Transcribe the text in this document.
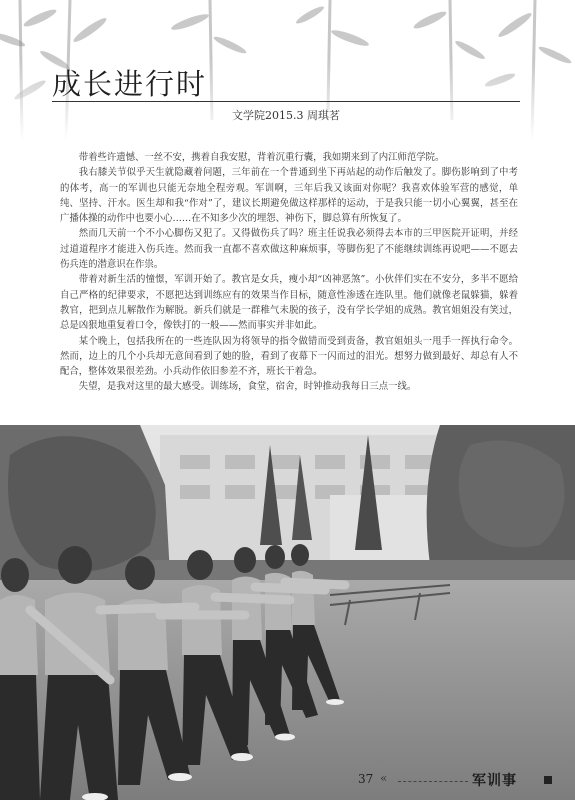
成长进行时
文学院2015.3 周琪茗

带着些许遗憾、一丝不安，携着自我安慰，背着沉重行囊，我如期来到了内江师范学院。

我右膝关节似乎天生就隐藏着问题，三年前在一个普通到坐下再站起的动作后触发了。脚伤影响到了中考的体考，高一的军训也只能无奈地全程旁观。军训啊，三年后我又该面对你呢？我喜欢体验军营的感觉，单纯、坚持、汗水。医生却和我“作对”了，建议长期避免做这样那样的运动，于是我只能一切小心翼翼，甚至在广播体操的动作中也要小心……在不知多少次的埋怨、神伤下，脚总算有所恢复了。

然而几天前一个不小心脚伤又犯了。又得做伤兵了吗？班主任说我必须得去本市的三甲医院开证明，并经过道道程序才能进入伤兵连。然而我一直都不喜欢做这种麻烦事，等脚伤犯了不能继续训练再说吧——不愿去伤兵连的潜意识在作祟。

带着对新生活的憧憬，军训开始了。教官是女兵，瘦小却“凶神恶煞”。小伙伴们实在不安分，多半不愿给自己严格的纪律要求，不愿把达到训练应有的效果当作目标，随意性渗透在连队里。他们就像老鼠躲猫，躲着教官，把到点儿解散作为解脱。新兵们就是一群稚气未脱的孩子，没有学长学姐的成熟。教官姐姐没有笑过，总是凶狠地重复着口令，像铁打的一般——然而事实并非如此。

某个晚上，包括我所在的一些连队因为将领导的指令做错而受到责备，教官姐姐头一甩手一挥执行命令。然而，边上的几个小兵却无意间看到了她的脸，看到了夜幕下一闪而过的泪光。想努力做到最好、却总有人不配合，整体效果很差劲。小兵动作依旧参差不齐，班长干着急。

失望，是我对这里的最大感受。训练场，食堂，宿舍，时钟推动我每日三点一线。

37 «	军训事
